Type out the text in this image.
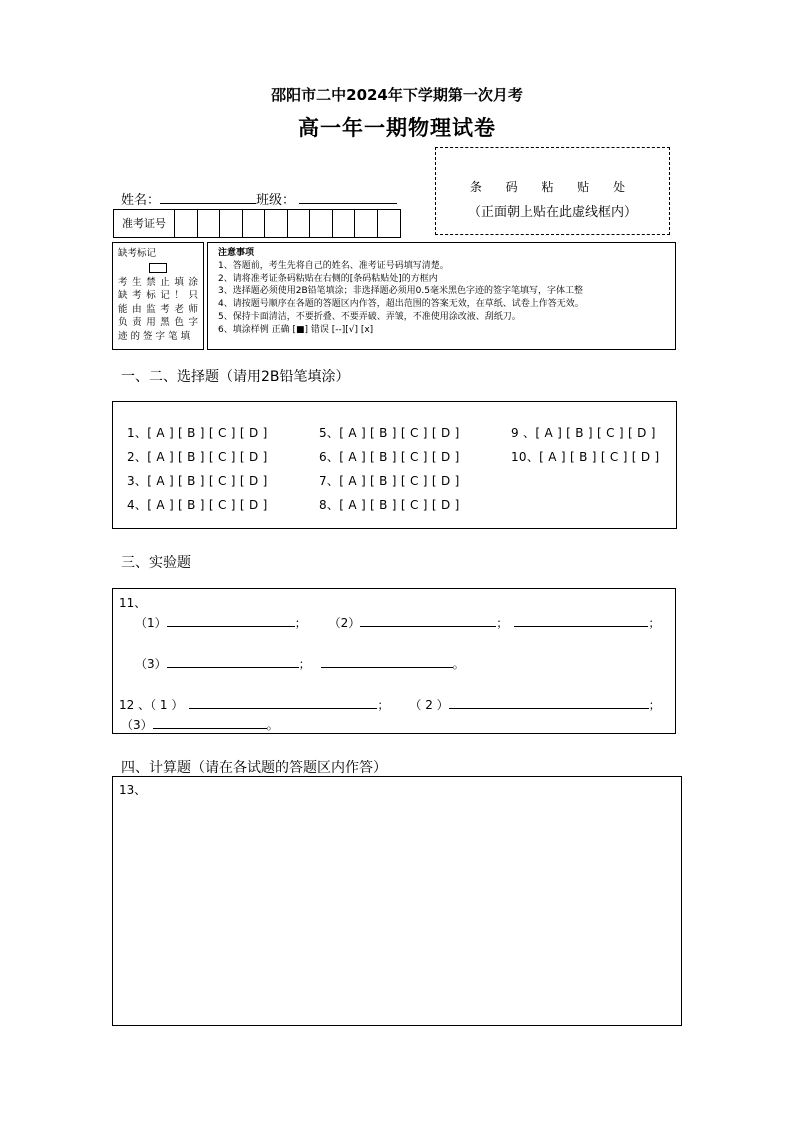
邵阳市二中2024年下学期第一次月考
高一年一期物理试卷
条 码 粘 贴 处
（正面朝上贴在此虚线框内）
姓名：	班级：
准考证号
缺考标记
考 生 禁 止 填 涂 缺 考 标 记 ！ 只 能 由 监 考 老 师 负 责 用 黑 色 字 迹 的 签 字 笔 填
注意事项
1、答题前，考生先将自己的姓名、准考证号码填写清楚。
2、请将准考证条码粘贴在右侧的[条码粘贴处]的方框内
3、选择题必须使用2B铅笔填涂；非选择题必须用0.5毫米黑色字迹的签字笔填写，字体工整
4、请按题号顺序在各题的答题区内作答，超出范围的答案无效，在草纸、试卷上作答无效。
5、保持卡面清洁，不要折叠、不要弄破、弄皱，不准使用涂改液、刮纸刀。
6、填涂样例 正确 [■] 错误 [--][√] [x]
一、二、选择题（请用2B铅笔填涂）
1、[ A ] [ B ] [ C ] [ D ]
2、[ A ] [ B ] [ C ] [ D ]
3、[ A ] [ B ] [ C ] [ D ]
4、[ A ] [ B ] [ C ] [ D ]
5、[ A ] [ B ] [ C ] [ D ]
6、[ A ] [ B ] [ C ] [ D ]
7、[ A ] [ B ] [ C ] [ D ]
8、[ A ] [ B ] [ C ] [ D ]
9 、[ A ] [ B ] [ C ] [ D ]
10、[ A ] [ B ] [ C ] [ D ]
三、实验题
11、
（1）	； （2）	；	；
（3）	；	。
12 、（ 1 ）	； （ 2 ）	；
（3）	。
四、计算题（请在各试题的答题区内作答）
13、
